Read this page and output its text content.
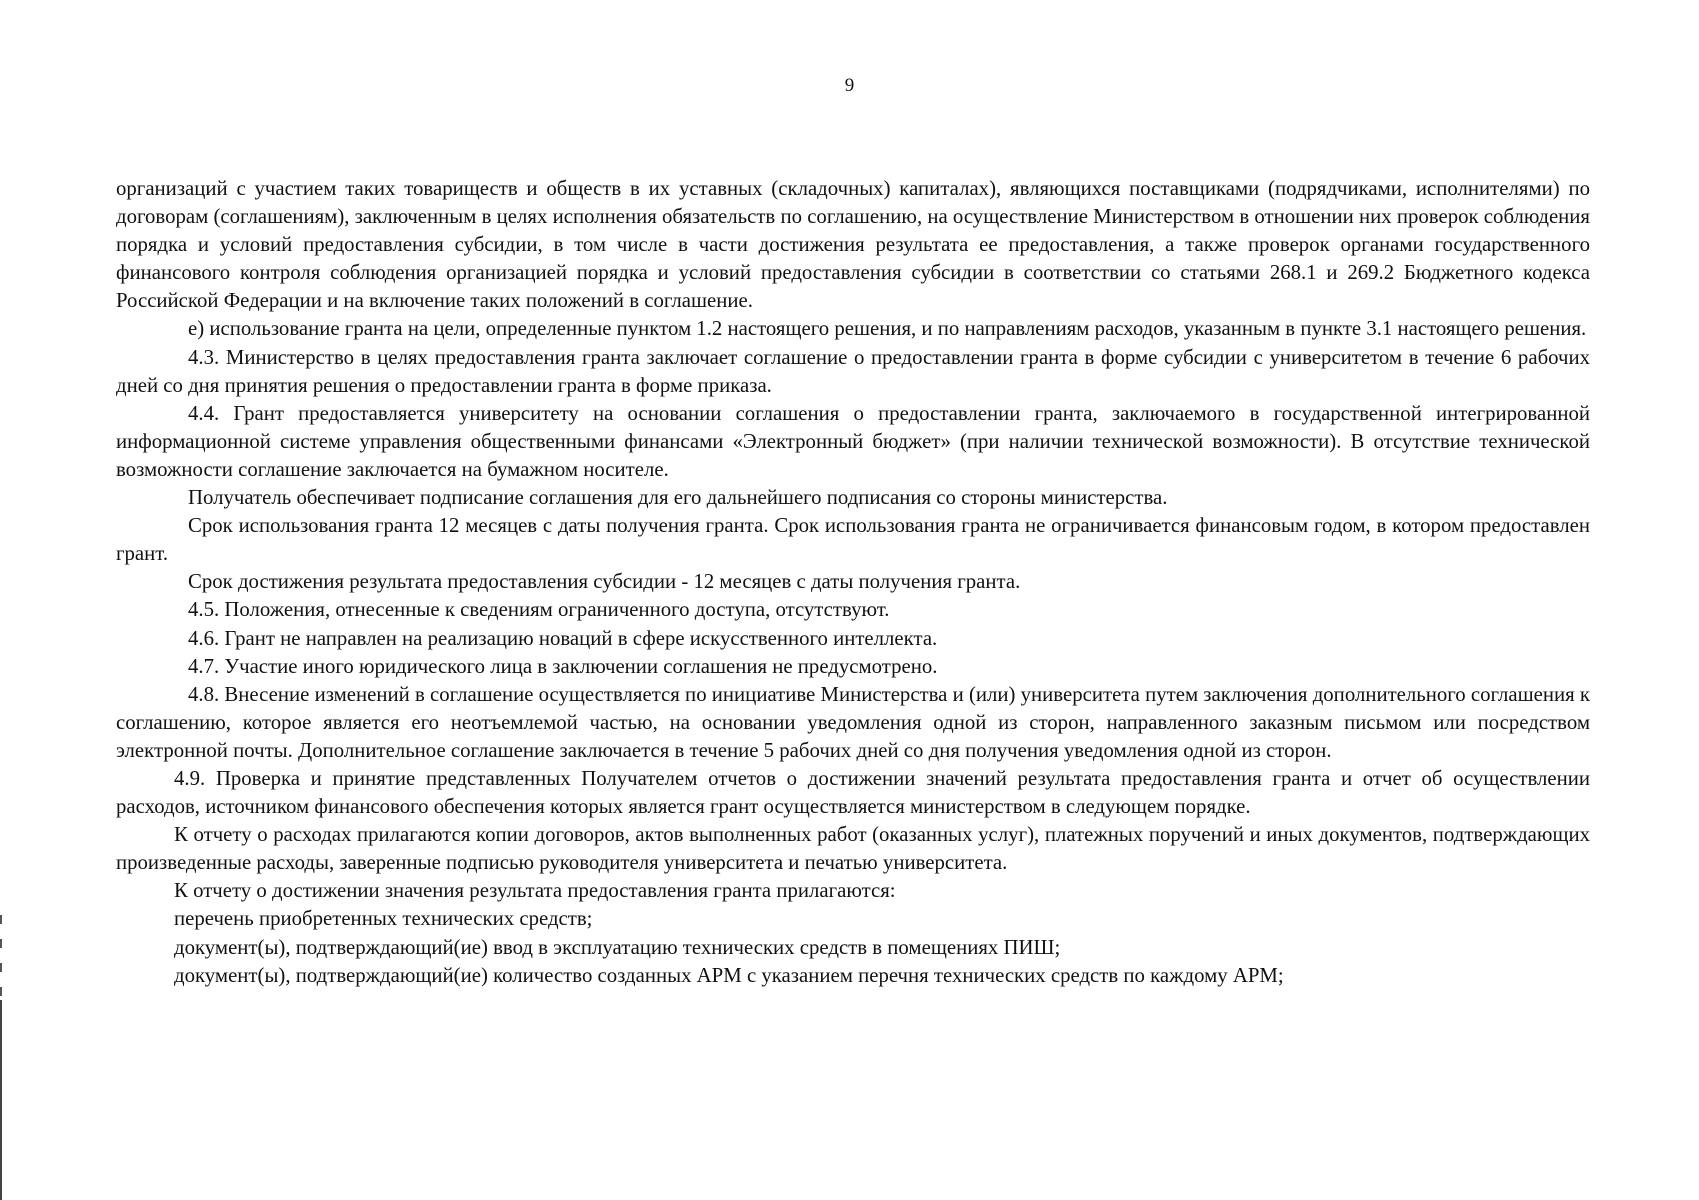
9

организаций с участием таких товариществ и обществ в их уставных (складочных) капиталах), являющихся поставщиками (подрядчиками, исполнителями) по договорам (соглашениям), заключенным в целях исполнения обязательств по соглашению, на осуществление Министерством в отношении них проверок соблюдения порядка и условий предоставления субсидии, в том числе в части достижения результата ее предоставления, а также проверок органами государственного финансового контроля соблюдения организацией порядка и условий предоставления субсидии в соответствии со статьями 268.1 и 269.2 Бюджетного кодекса Российской Федерации и на включение таких положений в соглашение.

е) использование гранта на цели, определенные пунктом 1.2 настоящего решения, и по направлениям расходов, указанным в пункте 3.1 настоящего решения.

4.3. Министерство в целях предоставления гранта заключает соглашение о предоставлении гранта в форме субсидии с университетом в течение 6 рабочих дней со дня принятия решения о предоставлении гранта в форме приказа.

4.4. Грант предоставляется университету на основании соглашения о предоставлении гранта, заключаемого в государственной интегрированной информационной системе управления общественными финансами «Электронный бюджет» (при наличии технической возможности). В отсутствие технической возможности соглашение заключается на бумажном носителе.

Получатель обеспечивает подписание соглашения для его дальнейшего подписания со стороны министерства.

Срок использования гранта 12 месяцев с даты получения гранта. Срок использования гранта не ограничивается финансовым годом, в котором предоставлен грант.

Срок достижения результата предоставления субсидии - 12 месяцев с даты получения гранта.

4.5. Положения, отнесенные к сведениям ограниченного доступа, отсутствуют.

4.6. Грант не направлен на реализацию новаций в сфере искусственного интеллекта.

4.7. Участие иного юридического лица в заключении соглашения не предусмотрено.

4.8. Внесение изменений в соглашение осуществляется по инициативе Министерства и (или) университета путем заключения дополнительного соглашения к соглашению, которое является его неотъемлемой частью, на основании уведомления одной из сторон, направленного заказным письмом или посредством электронной почты. Дополнительное соглашение заключается в течение 5 рабочих дней со дня получения уведомления одной из сторон.

4.9. Проверка и принятие представленных Получателем отчетов о достижении значений результата предоставления гранта и отчет об осуществлении расходов, источником финансового обеспечения которых является грант осуществляется министерством в следующем порядке.

К отчету о расходах прилагаются копии договоров, актов выполненных работ (оказанных услуг), платежных поручений и иных документов, подтверждающих произведенные расходы, заверенные подписью руководителя университета и печатью университета.

К отчету о достижении значения результата предоставления гранта прилагаются:

перечень приобретенных технических средств;

документ(ы), подтверждающий(ие) ввод в эксплуатацию технических средств в помещениях ПИШ;

документ(ы), подтверждающий(ие) количество созданных АРМ с указанием перечня технических средств по каждому АРМ;
